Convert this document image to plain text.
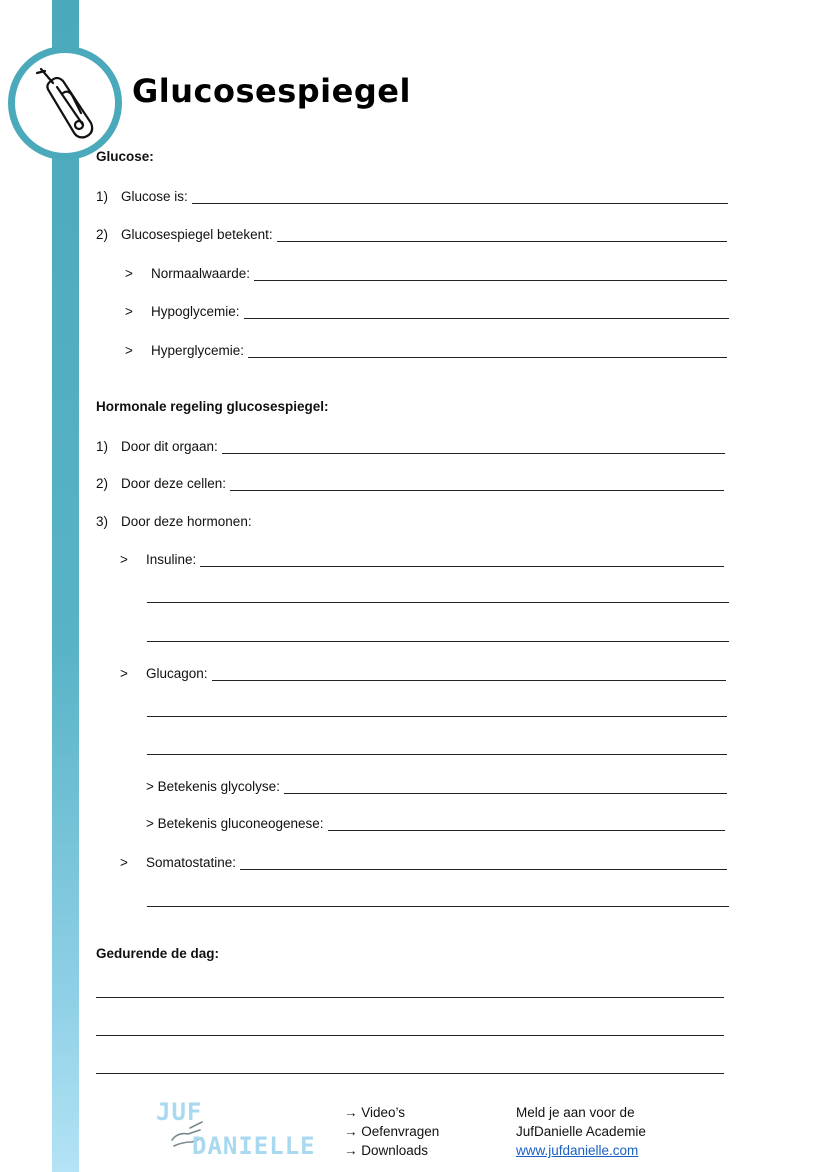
Glucosespiegel
Glucose:
1) Glucose is:
2) Glucosespiegel betekent:
>	Normaalwaarde:
>	Hypoglycemie:
>	Hyperglycemie:
Hormonale regeling glucosespiegel:
1) Door dit orgaan:
2) Door deze cellen:
3) Door deze hormonen:
>	Insuline:
>	Glucagon:
> Betekenis glycolyse:
> Betekenis gluconeogenese:
>	Somatostatine:
Gedurende de dag:
JUF
DANIELLE
→ Video’s
→ Oefenvragen
→ Downloads
Meld je aan voor de
JufDanielle Academie
www.jufdanielle.com
